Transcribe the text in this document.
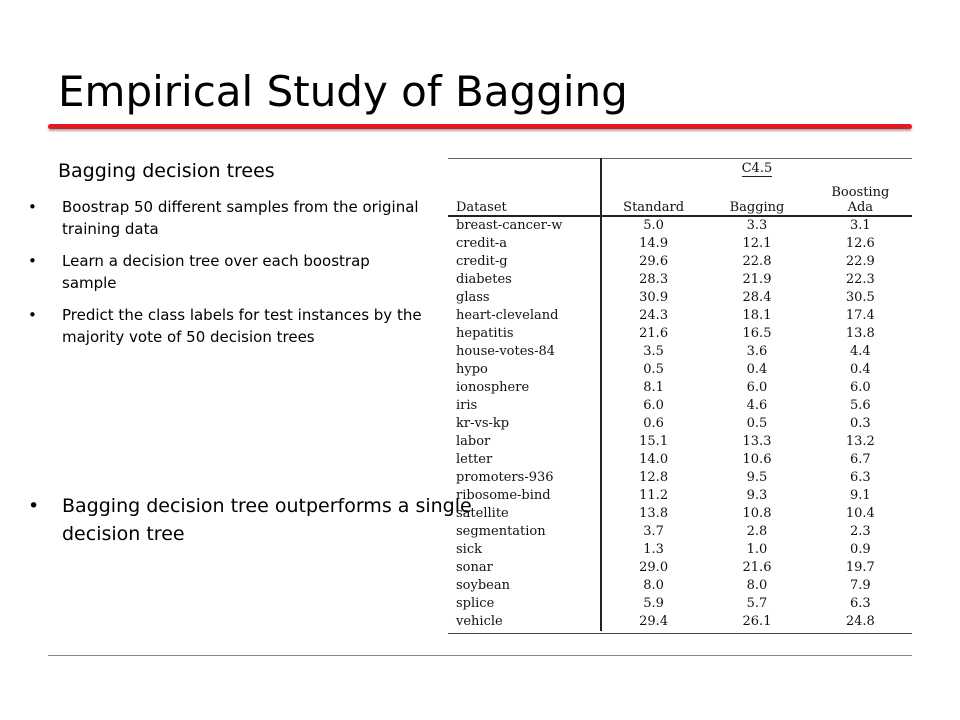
Empirical Study of Bagging
Bagging decision trees
• Boostrap 50 different samples from the original training data
• Learn a decision tree over each boostrap sample
• Predict the class labels for test instances by the majority vote of 50 decision trees
• Bagging decision tree outperforms a single decision tree
	C4.5		
Dataset	Standard	Bagging	Boosting
Ada
breast-cancer-w	5.0	3.3	3.1
credit-a	14.9	12.1	12.6
credit-g	29.6	22.8	22.9
diabetes	28.3	21.9	22.3
glass	30.9	28.4	30.5
heart-cleveland	24.3	18.1	17.4
hepatitis	21.6	16.5	13.8
house-votes-84	3.5	3.6	4.4
hypo	0.5	0.4	0.4
ionosphere	8.1	6.0	6.0
iris	6.0	4.6	5.6
kr-vs-kp	0.6	0.5	0.3
labor	15.1	13.3	13.2
letter	14.0	10.6	6.7
promoters-936	12.8	9.5	6.3
ribosome-bind	11.2	9.3	9.1
satellite	13.8	10.8	10.4
segmentation	3.7	2.8	2.3
sick	1.3	1.0	0.9
sonar	29.0	21.6	19.7
soybean	8.0	8.0	7.9
splice	5.9	5.7	6.3
vehicle	29.4	26.1	24.8
